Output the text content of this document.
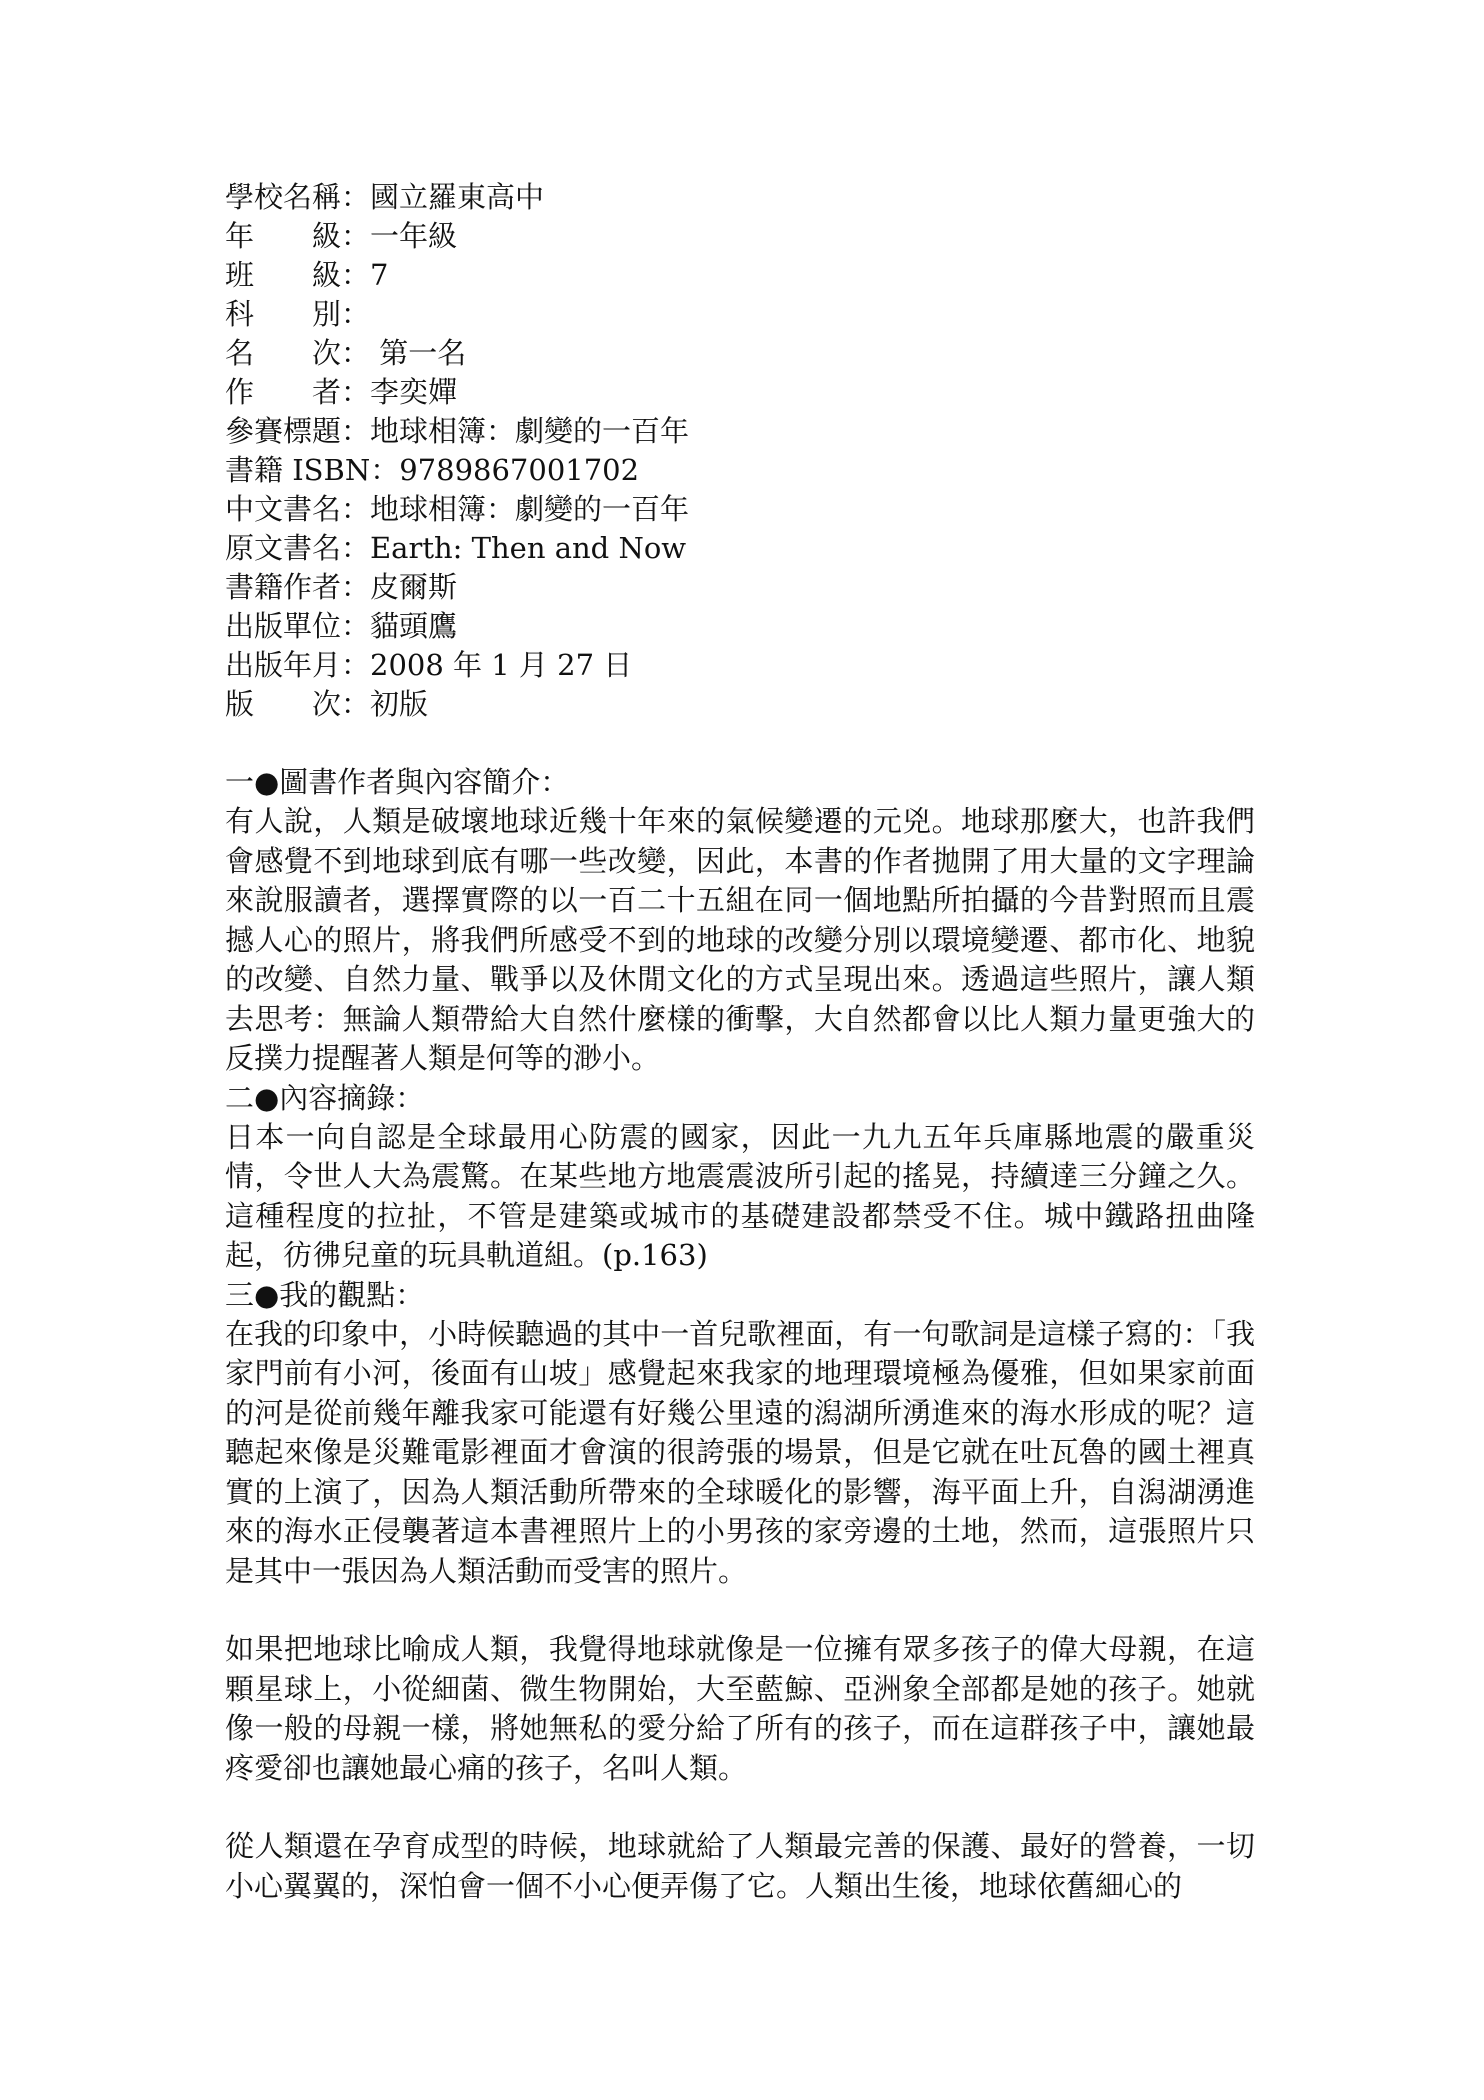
學校名稱：國立羅東高中
年　　級：一年級
班　　級：7
科　　別：
名　　次： 第一名
作　　者：李奕嬋
參賽標題：地球相簿：劇變的一百年
書籍 ISBN：9789867001702
中文書名：地球相簿：劇變的一百年
原文書名：Earth: Then and Now
書籍作者：皮爾斯
出版單位：貓頭鷹
出版年月：2008 年 1 月 27 日
版　　次：初版
一●圖書作者與內容簡介：

有人說，人類是破壞地球近幾十年來的氣候變遷的元兇。地球那麼大，也許我們會感覺不到地球到底有哪一些改變，因此，本書的作者拋開了用大量的文字理論來說服讀者，選擇實際的以一百二十五組在同一個地點所拍攝的今昔對照而且震撼人心的照片，將我們所感受不到的地球的改變分別以環境變遷、都市化、地貌的改變、自然力量、戰爭以及休閒文化的方式呈現出來。透過這些照片，讓人類去思考：無論人類帶給大自然什麼樣的衝擊，大自然都會以比人類力量更強大的反撲力提醒著人類是何等的渺小。

二●內容摘錄：

日本一向自認是全球最用心防震的國家，因此一九九五年兵庫縣地震的嚴重災情，令世人大為震驚。在某些地方地震震波所引起的搖晃，持續達三分鐘之久。這種程度的拉扯，不管是建築或城市的基礎建設都禁受不住。城中鐵路扭曲隆起，彷彿兒童的玩具軌道組。(p.163)

三●我的觀點：

在我的印象中，小時候聽過的其中一首兒歌裡面，有一句歌詞是這樣子寫的：「我家門前有小河，後面有山坡」感覺起來我家的地理環境極為優雅，但如果家前面的河是從前幾年離我家可能還有好幾公里遠的潟湖所湧進來的海水形成的呢？這聽起來像是災難電影裡面才會演的很誇張的場景，但是它就在吐瓦魯的國土裡真實的上演了，因為人類活動所帶來的全球暖化的影響，海平面上升，自潟湖湧進來的海水正侵襲著這本書裡照片上的小男孩的家旁邊的土地，然而，這張照片只是其中一張因為人類活動而受害的照片。

如果把地球比喻成人類，我覺得地球就像是一位擁有眾多孩子的偉大母親，在這顆星球上，小從細菌、微生物開始，大至藍鯨、亞洲象全部都是她的孩子。她就像一般的母親一樣，將她無私的愛分給了所有的孩子，而在這群孩子中，讓她最疼愛卻也讓她最心痛的孩子，名叫人類。

從人類還在孕育成型的時候，地球就給了人類最完善的保護、最好的營養，一切小心翼翼的，深怕會一個不小心便弄傷了它。人類出生後，地球依舊細心的
